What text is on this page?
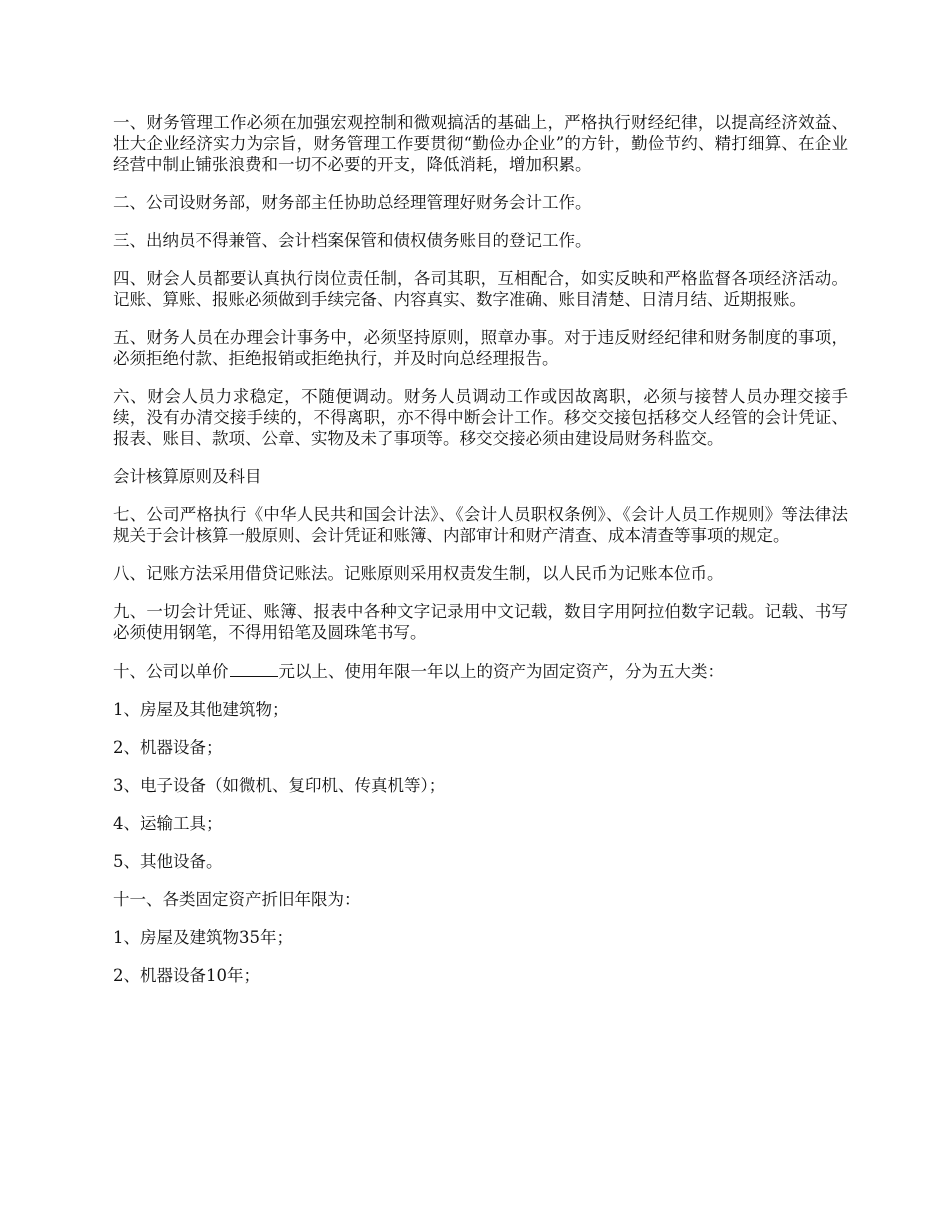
一、财务管理工作必须在加强宏观控制和微观搞活的基础上，严格执行财经纪律，以提高经济效益、壮大企业经济实力为宗旨，财务管理工作要贯彻“勤俭办企业”的方针，勤俭节约、精打细算、在企业经营中制止铺张浪费和一切不必要的开支，降低消耗，增加积累。

二、公司设财务部，财务部主任协助总经理管理好财务会计工作。

三、出纳员不得兼管、会计档案保管和债权债务账目的登记工作。

四、财会人员都要认真执行岗位责任制，各司其职，互相配合，如实反映和严格监督各项经济活动。记账、算账、报账必须做到手续完备、内容真实、数字准确、账目清楚、日清月结、近期报账。

五、财务人员在办理会计事务中，必须坚持原则，照章办事。对于违反财经纪律和财务制度的事项，必须拒绝付款、拒绝报销或拒绝执行，并及时向总经理报告。

六、财会人员力求稳定，不随便调动。财务人员调动工作或因故离职，必须与接替人员办理交接手续，没有办清交接手续的，不得离职，亦不得中断会计工作。移交交接包括移交人经管的会计凭证、报表、账目、款项、公章、实物及未了事项等。移交交接必须由建设局财务科监交。

会计核算原则及科目

七、公司严格执行《中华人民共和国会计法》、《会计人员职权条例》、《会计人员工作规则》等法律法规关于会计核算一般原则、会计凭证和账簿、内部审计和财产清查、成本清查等事项的规定。

八、记账方法采用借贷记账法。记账原则采用权责发生制，以人民币为记账本位币。

九、一切会计凭证、账簿、报表中各种文字记录用中文记载，数目字用阿拉伯数字记载。记载、书写必须使用钢笔，不得用铅笔及圆珠笔书写。

十、公司以单价	元以上、使用年限一年以上的资产为固定资产，分为五大类：

1、房屋及其他建筑物；

2、机器设备；

3、电子设备（如微机、复印机、传真机等）；

4、运输工具；

5、其他设备。

十一、各类固定资产折旧年限为：

1、房屋及建筑物35年；

2、机器设备10年；
